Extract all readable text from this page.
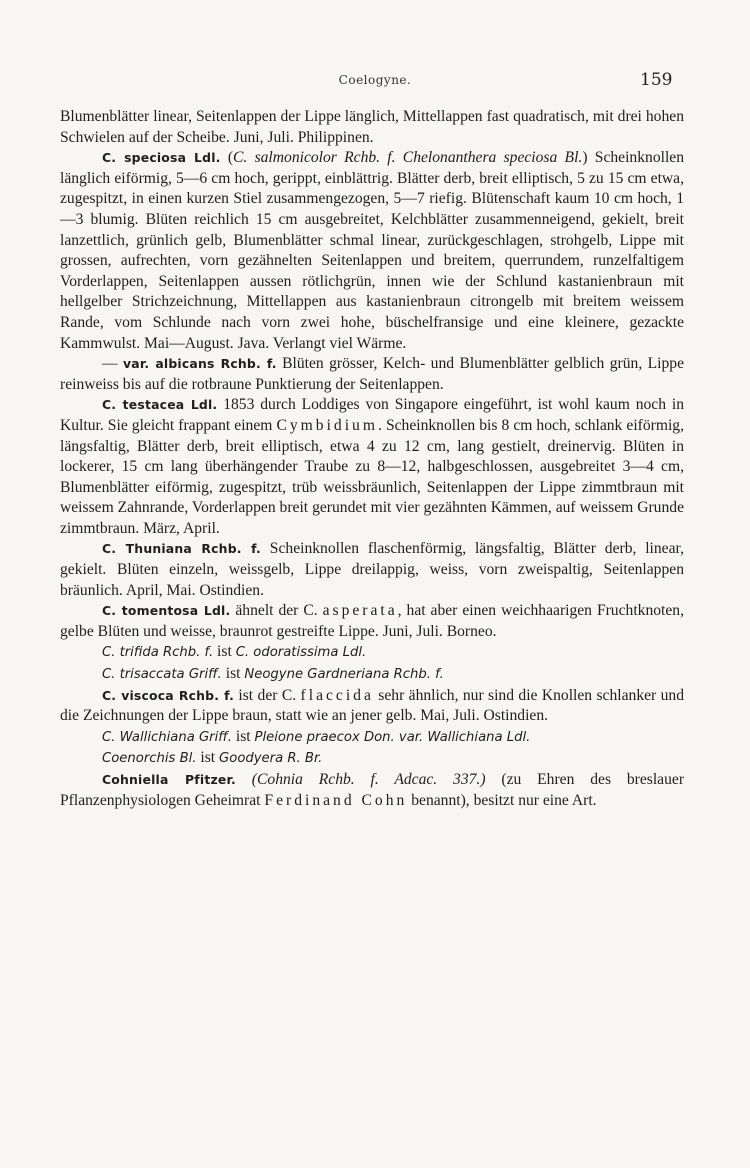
Coelogyne.	159

Blumenblätter linear, Seitenlappen der Lippe länglich, Mittellappen fast quadratisch, mit drei hohen Schwielen auf der Scheibe. Juni, Juli. Philippinen.

C. speciosa Ldl. (C. salmonicolor Rchb. f. Chelonanthera speciosa Bl.) Scheinknollen länglich eiförmig, 5—6 cm hoch, gerippt, einblättrig. Blätter derb, breit elliptisch, 5 zu 15 cm etwa, zugespitzt, in einen kurzen Stiel zusammengezogen, 5—7 riefig. Blütenschaft kaum 10 cm hoch, 1—3 blumig. Blüten reichlich 15 cm ausgebreitet, Kelchblätter zusammenneigend, gekielt, breit lanzettlich, grünlich gelb, Blumenblätter schmal linear, zurückgeschlagen, strohgelb, Lippe mit grossen, aufrechten, vorn gezähnelten Seitenlappen und breitem, querrundem, runzelfaltigem Vorderlappen, Seitenlappen aussen rötlichgrün, innen wie der Schlund kastanienbraun mit hellgelber Strichzeichnung, Mittellappen aus kastanienbraun citrongelb mit breitem weissem Rande, vom Schlunde nach vorn zwei hohe, büschelfransige und eine kleinere, gezackte Kammwulst. Mai—August. Java. Verlangt viel Wärme.

— var. albicans Rchb. f. Blüten grösser, Kelch- und Blumenblätter gelblich grün, Lippe reinweiss bis auf die rotbraune Punktierung der Seitenlappen.

C. testacea Ldl. 1853 durch Loddiges von Singapore eingeführt, ist wohl kaum noch in Kultur. Sie gleicht frappant einem Cymbidium. Scheinknollen bis 8 cm hoch, schlank eiförmig, längsfaltig, Blätter derb, breit elliptisch, etwa 4 zu 12 cm, lang gestielt, dreinervig. Blüten in lockerer, 15 cm lang überhängender Traube zu 8—12, halbgeschlossen, ausgebreitet 3—4 cm, Blumenblätter eiförmig, zugespitzt, trüb weissbräunlich, Seitenlappen der Lippe zimmtbraun mit weissem Zahnrande, Vorderlappen breit gerundet mit vier gezähnten Kämmen, auf weissem Grunde zimmtbraun. März, April.

C. Thuniana Rchb. f. Scheinknollen flaschenförmig, längsfaltig, Blätter derb, linear, gekielt. Blüten einzeln, weissgelb, Lippe dreilappig, weiss, vorn zweispaltig, Seitenlappen bräunlich. April, Mai. Ostindien.

C. tomentosa Ldl. ähnelt der C. asperata, hat aber einen weichhaarigen Fruchtknoten, gelbe Blüten und weisse, braunrot gestreifte Lippe. Juni, Juli. Borneo.

C. trifida Rchb. f. ist C. odoratissima Ldl.

C. trisaccata Griff. ist Neogyne Gardneriana Rchb. f.

C. viscoca Rchb. f. ist der C. flaccida sehr ähnlich, nur sind die Knollen schlanker und die Zeichnungen der Lippe braun, statt wie an jener gelb. Mai, Juli. Ostindien.

C. Wallichiana Griff. ist Pleione praecox Don. var. Wallichiana Ldl.

Coenorchis Bl. ist Goodyera R. Br.

Cohniella Pfitzer. (Cohnia Rchb. f. Adcac. 337.) (zu Ehren des breslauer Pflanzenphysiologen Geheimrat Ferdinand Cohn benannt), besitzt nur eine Art.
